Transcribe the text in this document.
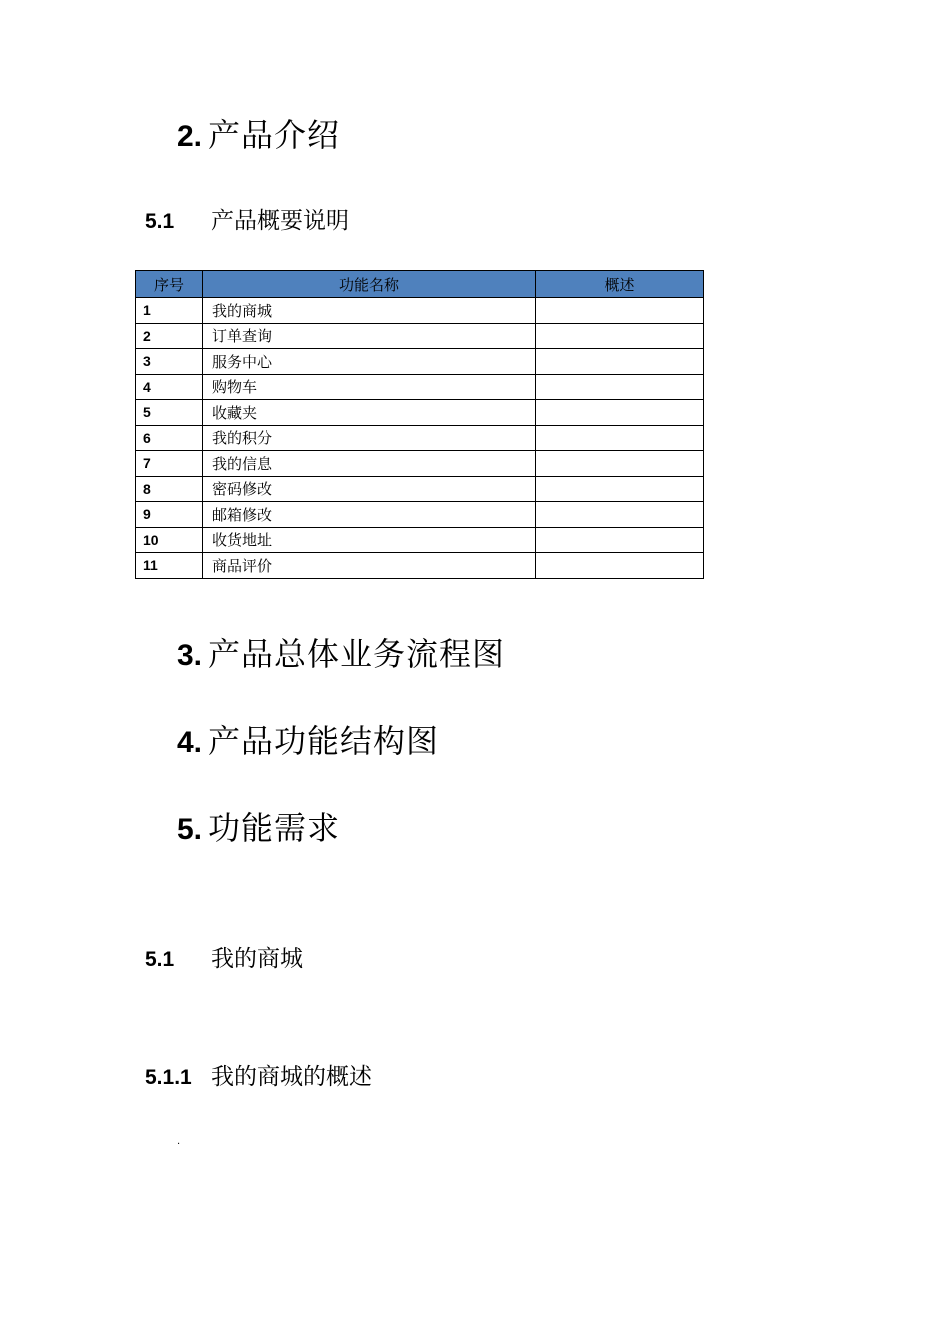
2. 产品介绍
5.1	产品概要说明
序号	功能名称	概述
1	我的商城	
2	订单查询	
3	服务中心	
4	购物车	
5	收藏夹	
6	我的积分	
7	我的信息	
8	密码修改	
9	邮箱修改	
10	收货地址	
11	商品评价	
3. 产品总体业务流程图
4. 产品功能结构图
5. 功能需求
5.1	我的商城
5.1.1 我的商城的概述
.
